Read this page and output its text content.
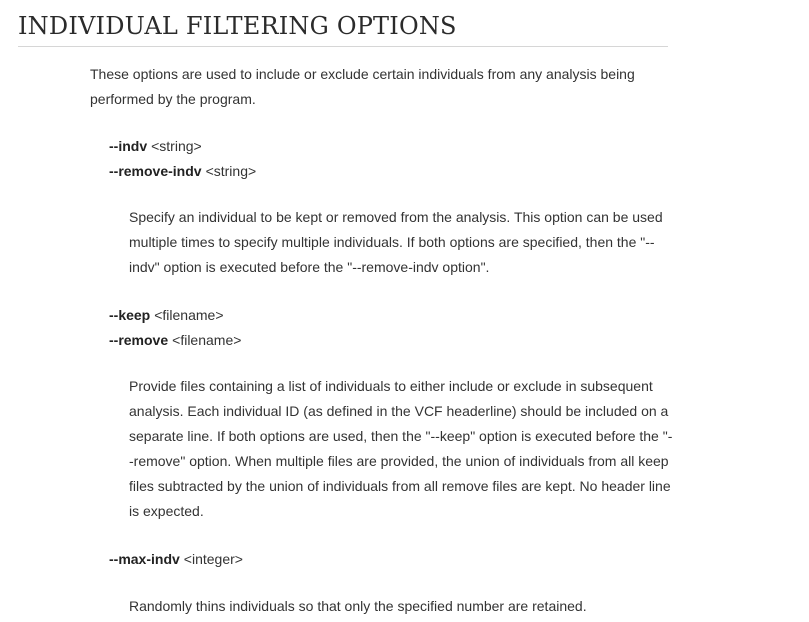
INDIVIDUAL FILTERING OPTIONS

These options are used to include or exclude certain individuals from any analysis being performed by the program.

--indv <string>

--remove-indv <string>

Specify an individual to be kept or removed from the analysis. This option can be used multiple times to specify multiple individuals. If both options are specified, then the "--indv" option is executed before the "--remove-indv option".

--keep <filename>

--remove <filename>

Provide files containing a list of individuals to either include or exclude in subsequent analysis. Each individual ID (as defined in the VCF headerline) should be included on a separate line. If both options are used, then the "--keep" option is executed before the "--remove" option. When multiple files are provided, the union of individuals from all keep files subtracted by the union of individuals from all remove files are kept. No header line is expected.

--max-indv <integer>

Randomly thins individuals so that only the specified number are retained.
